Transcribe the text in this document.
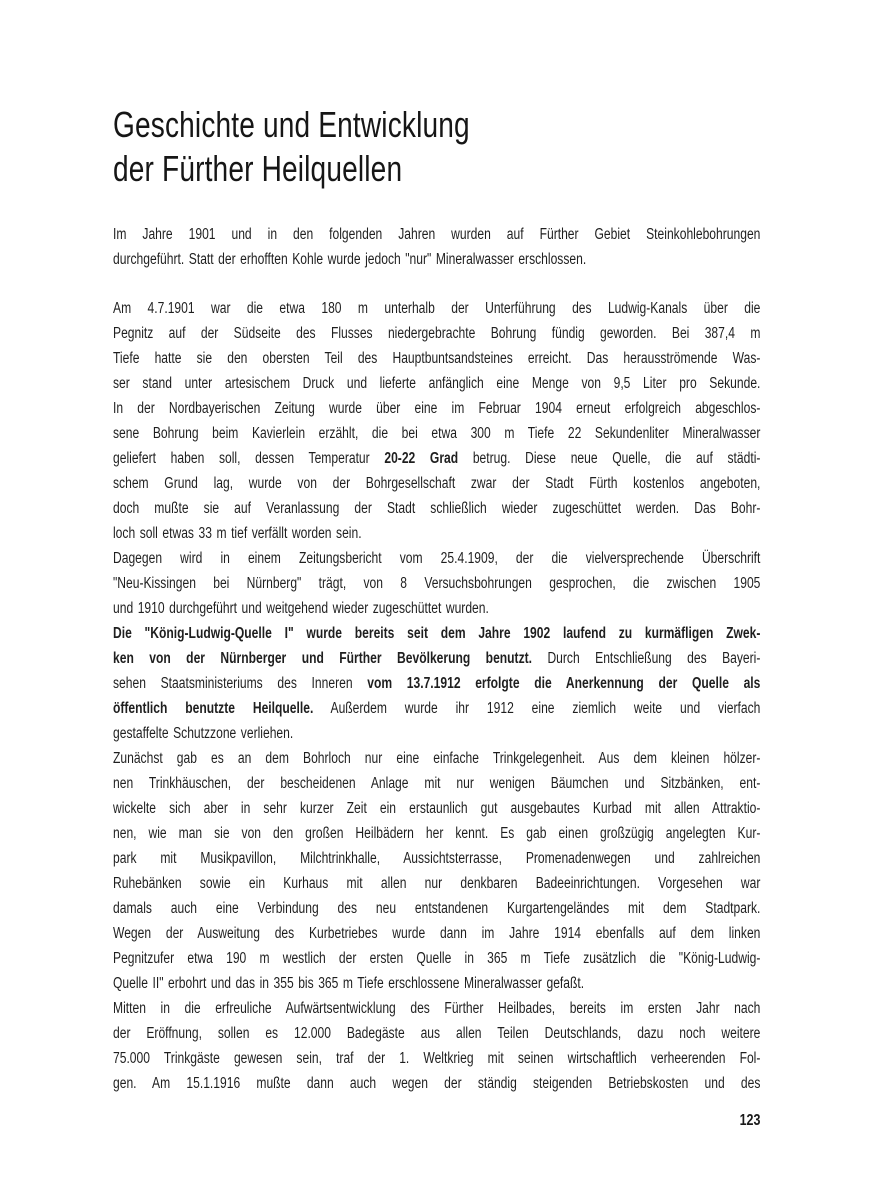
Geschichte und Entwicklung
der Fürther Heilquellen
Im Jahre 1901 und in den folgenden Jahren wurden auf Fürther Gebiet Steinkohlebohrungen
durchgeführt. Statt der erhofften Kohle wurde jedoch "nur" Mineralwasser erschlossen.
Am 4.7.1901 war die etwa 180 m unterhalb der Unterführung des Ludwig-Kanals über die
Pegnitz auf der Südseite des Flusses niedergebrachte Bohrung fündig geworden. Bei 387,4 m
Tiefe hatte sie den obersten Teil des Hauptbuntsandsteines erreicht. Das herausströmende Was-
ser stand unter artesischem Druck und lieferte anfänglich eine Menge von 9,5 Liter pro Sekunde.
In der Nordbayerischen Zeitung wurde über eine im Februar 1904 erneut erfolgreich abgeschlos-
sene Bohrung beim Kavierlein erzählt, die bei etwa 300 m Tiefe 22 Sekundenliter Mineralwasser
geliefert haben soll, dessen Temperatur 20-22 Grad betrug. Diese neue Quelle, die auf städti-
schem Grund lag, wurde von der Bohrgesellschaft zwar der Stadt Fürth kostenlos angeboten,
doch mußte sie auf Veranlassung der Stadt schließlich wieder zugeschüttet werden. Das Bohr-
loch soll etwas 33 m tief verfällt worden sein.
Dagegen wird in einem Zeitungsbericht vom 25.4.1909, der die vielversprechende Überschrift
"Neu-Kissingen bei Nürnberg" trägt, von 8 Versuchsbohrungen gesprochen, die zwischen 1905
und 1910 durchgeführt und weitgehend wieder zugeschüttet wurden.
Die "König-Ludwig-Quelle I" wurde bereits seit dem Jahre 1902 laufend zu kurmäfligen Zwek-
ken von der Nürnberger und Fürther Bevölkerung benutzt. Durch Entschließung des Bayeri-
sehen Staatsministeriums des Inneren vom 13.7.1912 erfolgte die Anerkennung der Quelle als
öffentlich benutzte Heilquelle. Außerdem wurde ihr 1912 eine ziemlich weite und vierfach
gestaffelte Schutzzone verliehen.
Zunächst gab es an dem Bohrloch nur eine einfache Trinkgelegenheit. Aus dem kleinen hölzer-
nen Trinkhäuschen, der bescheidenen Anlage mit nur wenigen Bäumchen und Sitzbänken, ent-
wickelte sich aber in sehr kurzer Zeit ein erstaunlich gut ausgebautes Kurbad mit allen Attraktio-
nen, wie man sie von den großen Heilbädern her kennt. Es gab einen großzügig angelegten Kur-
park mit Musikpavillon, Milchtrinkhalle, Aussichtsterrasse, Promenadenwegen und zahlreichen
Ruhebänken sowie ein Kurhaus mit allen nur denkbaren Badeeinrichtungen. Vorgesehen war
damals auch eine Verbindung des neu entstandenen Kurgartengeländes mit dem Stadtpark.
Wegen der Ausweitung des Kurbetriebes wurde dann im Jahre 1914 ebenfalls auf dem linken
Pegnitzufer etwa 190 m westlich der ersten Quelle in 365 m Tiefe zusätzlich die "König-Ludwig-
Quelle II" erbohrt und das in 355 bis 365 m Tiefe erschlossene Mineralwasser gefaßt.
Mitten in die erfreuliche Aufwärtsentwicklung des Fürther Heilbades, bereits im ersten Jahr nach
der Eröffnung, sollen es 12.000 Badegäste aus allen Teilen Deutschlands, dazu noch weitere
75.000 Trinkgäste gewesen sein, traf der 1. Weltkrieg mit seinen wirtschaftlich verheerenden Fol-
gen. Am 15.1.1916 mußte dann auch wegen der ständig steigenden Betriebskosten und des
123
